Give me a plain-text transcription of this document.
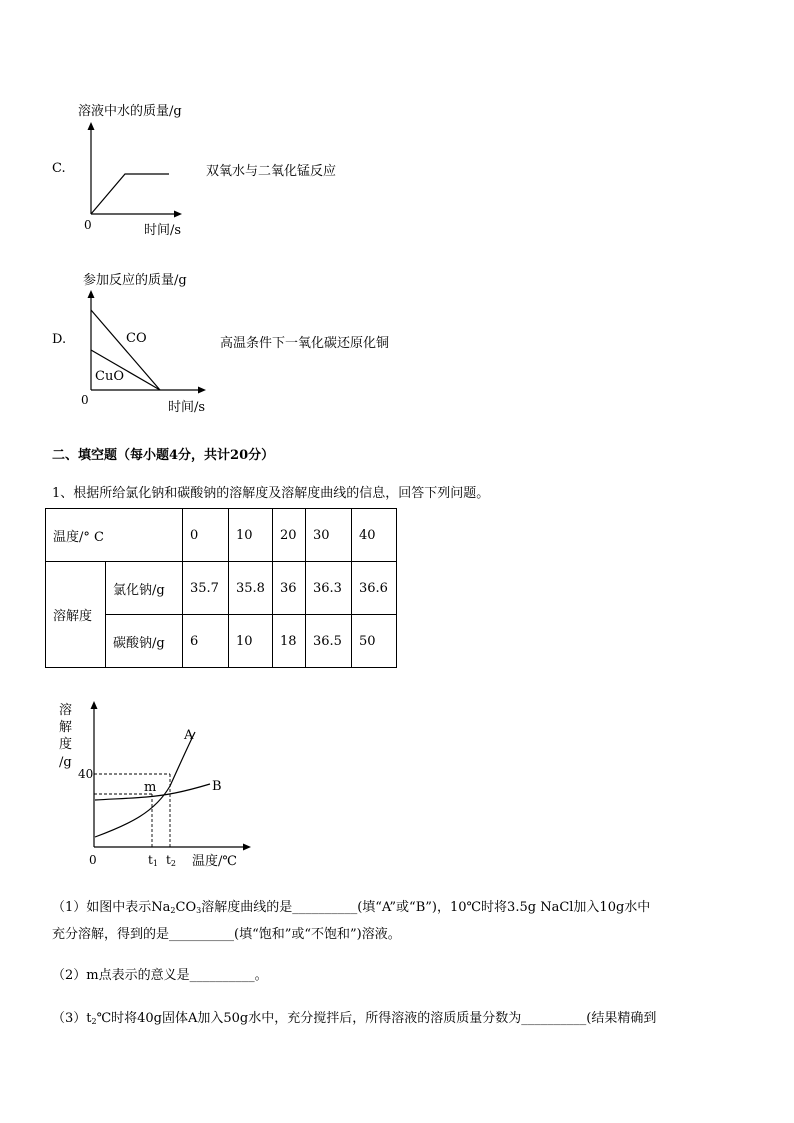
C.
溶液中水的质量/g
0	时间/s
双氧水与二氧化锰反应
D.
参加反应的质量/g
CO
CuO
0	时间/s
高温条件下一氧化碳还原化铜
二、填空题（每小题4分，共计20分）
1、根据所给氯化钠和碳酸钠的溶解度及溶解度曲线的信息，回答下列问题。
温度/° C		0	10	20	30	40
溶解度	氯化钠/g	35.7	35.8	36	36.3	36.6
	碳酸钠/g	6	10	18	36.5	50
溶
解
度
/g
40
m
A
B
0	t1 t2 温度/℃
（1）如图中表示$Na_2CO_3$溶解度曲线的是__________(填“A”或“B”)，10℃时将3.5g NaCl加入10g水中
充分溶解，得到的是__________(填“饱和”或“不饱和”)溶液。
（2）m点表示的意义是__________。
$(3)t_2℃$时将40g固体A加入50g水中，充分搅拌后，所得溶液的溶质质量分数为__________(结果精确到
